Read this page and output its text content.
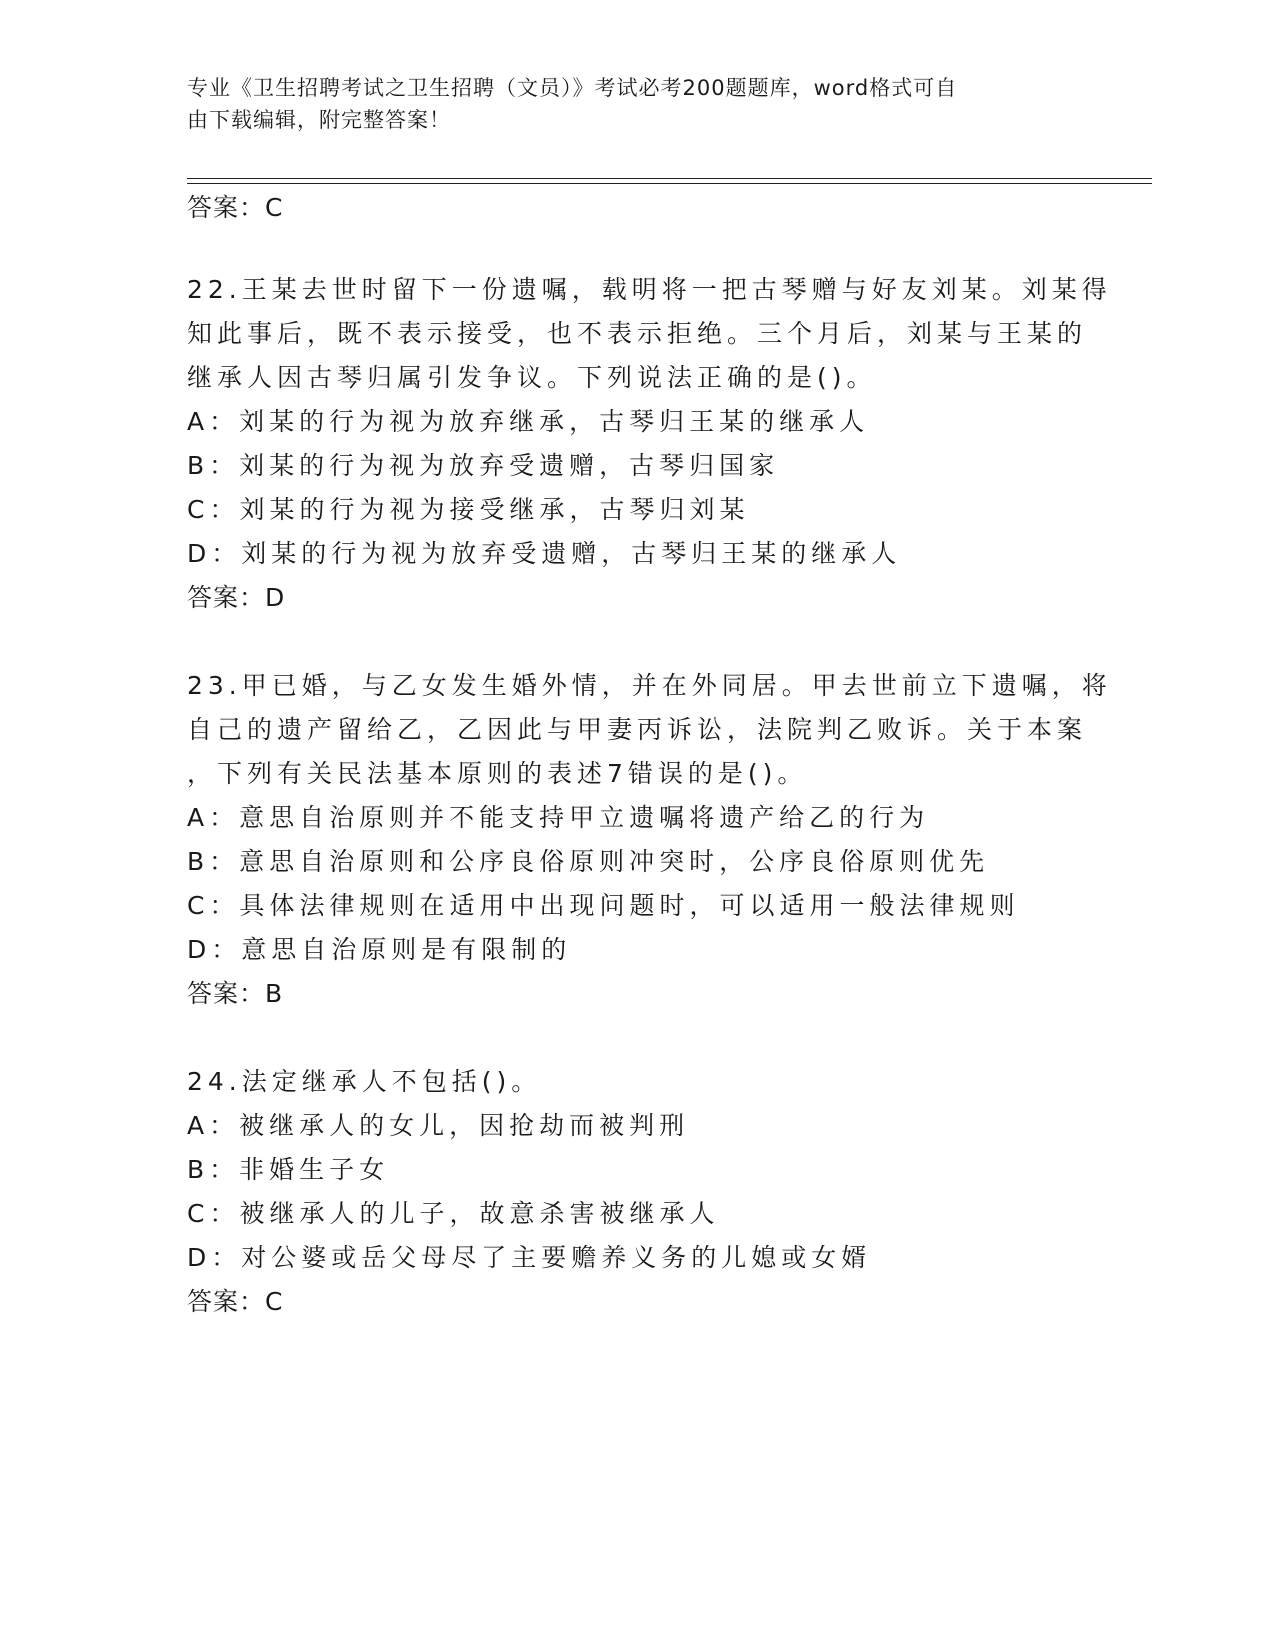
专业《卫生招聘考试之卫生招聘（文员）》考试必考200题题库，word格式可自
由下载编辑，附完整答案！
答案：C
22.王某去世时留下一份遗嘱，载明将一把古琴赠与好友刘某。刘某得
知此事后，既不表示接受，也不表示拒绝。三个月后，刘某与王某的
继承人因古琴归属引发争议。下列说法正确的是()。
A：刘某的行为视为放弃继承，古琴归王某的继承人
B：刘某的行为视为放弃受遗赠，古琴归国家
C：刘某的行为视为接受继承，古琴归刘某
D：刘某的行为视为放弃受遗赠，古琴归王某的继承人
答案：D
23.甲已婚，与乙女发生婚外情，并在外同居。甲去世前立下遗嘱，将
自己的遗产留给乙，乙因此与甲妻丙诉讼，法院判乙败诉。关于本案
，下列有关民法基本原则的表述7错误的是()。
A：意思自治原则并不能支持甲立遗嘱将遗产给乙的行为
B：意思自治原则和公序良俗原则冲突时，公序良俗原则优先
C：具体法律规则在适用中出现问题时，可以适用一般法律规则
D：意思自治原则是有限制的
答案：B
24.法定继承人不包括()。
A：被继承人的女儿，因抢劫而被判刑
B：非婚生子女
C：被继承人的儿子，故意杀害被继承人
D：对公婆或岳父母尽了主要赡养义务的儿媳或女婿
答案：C
